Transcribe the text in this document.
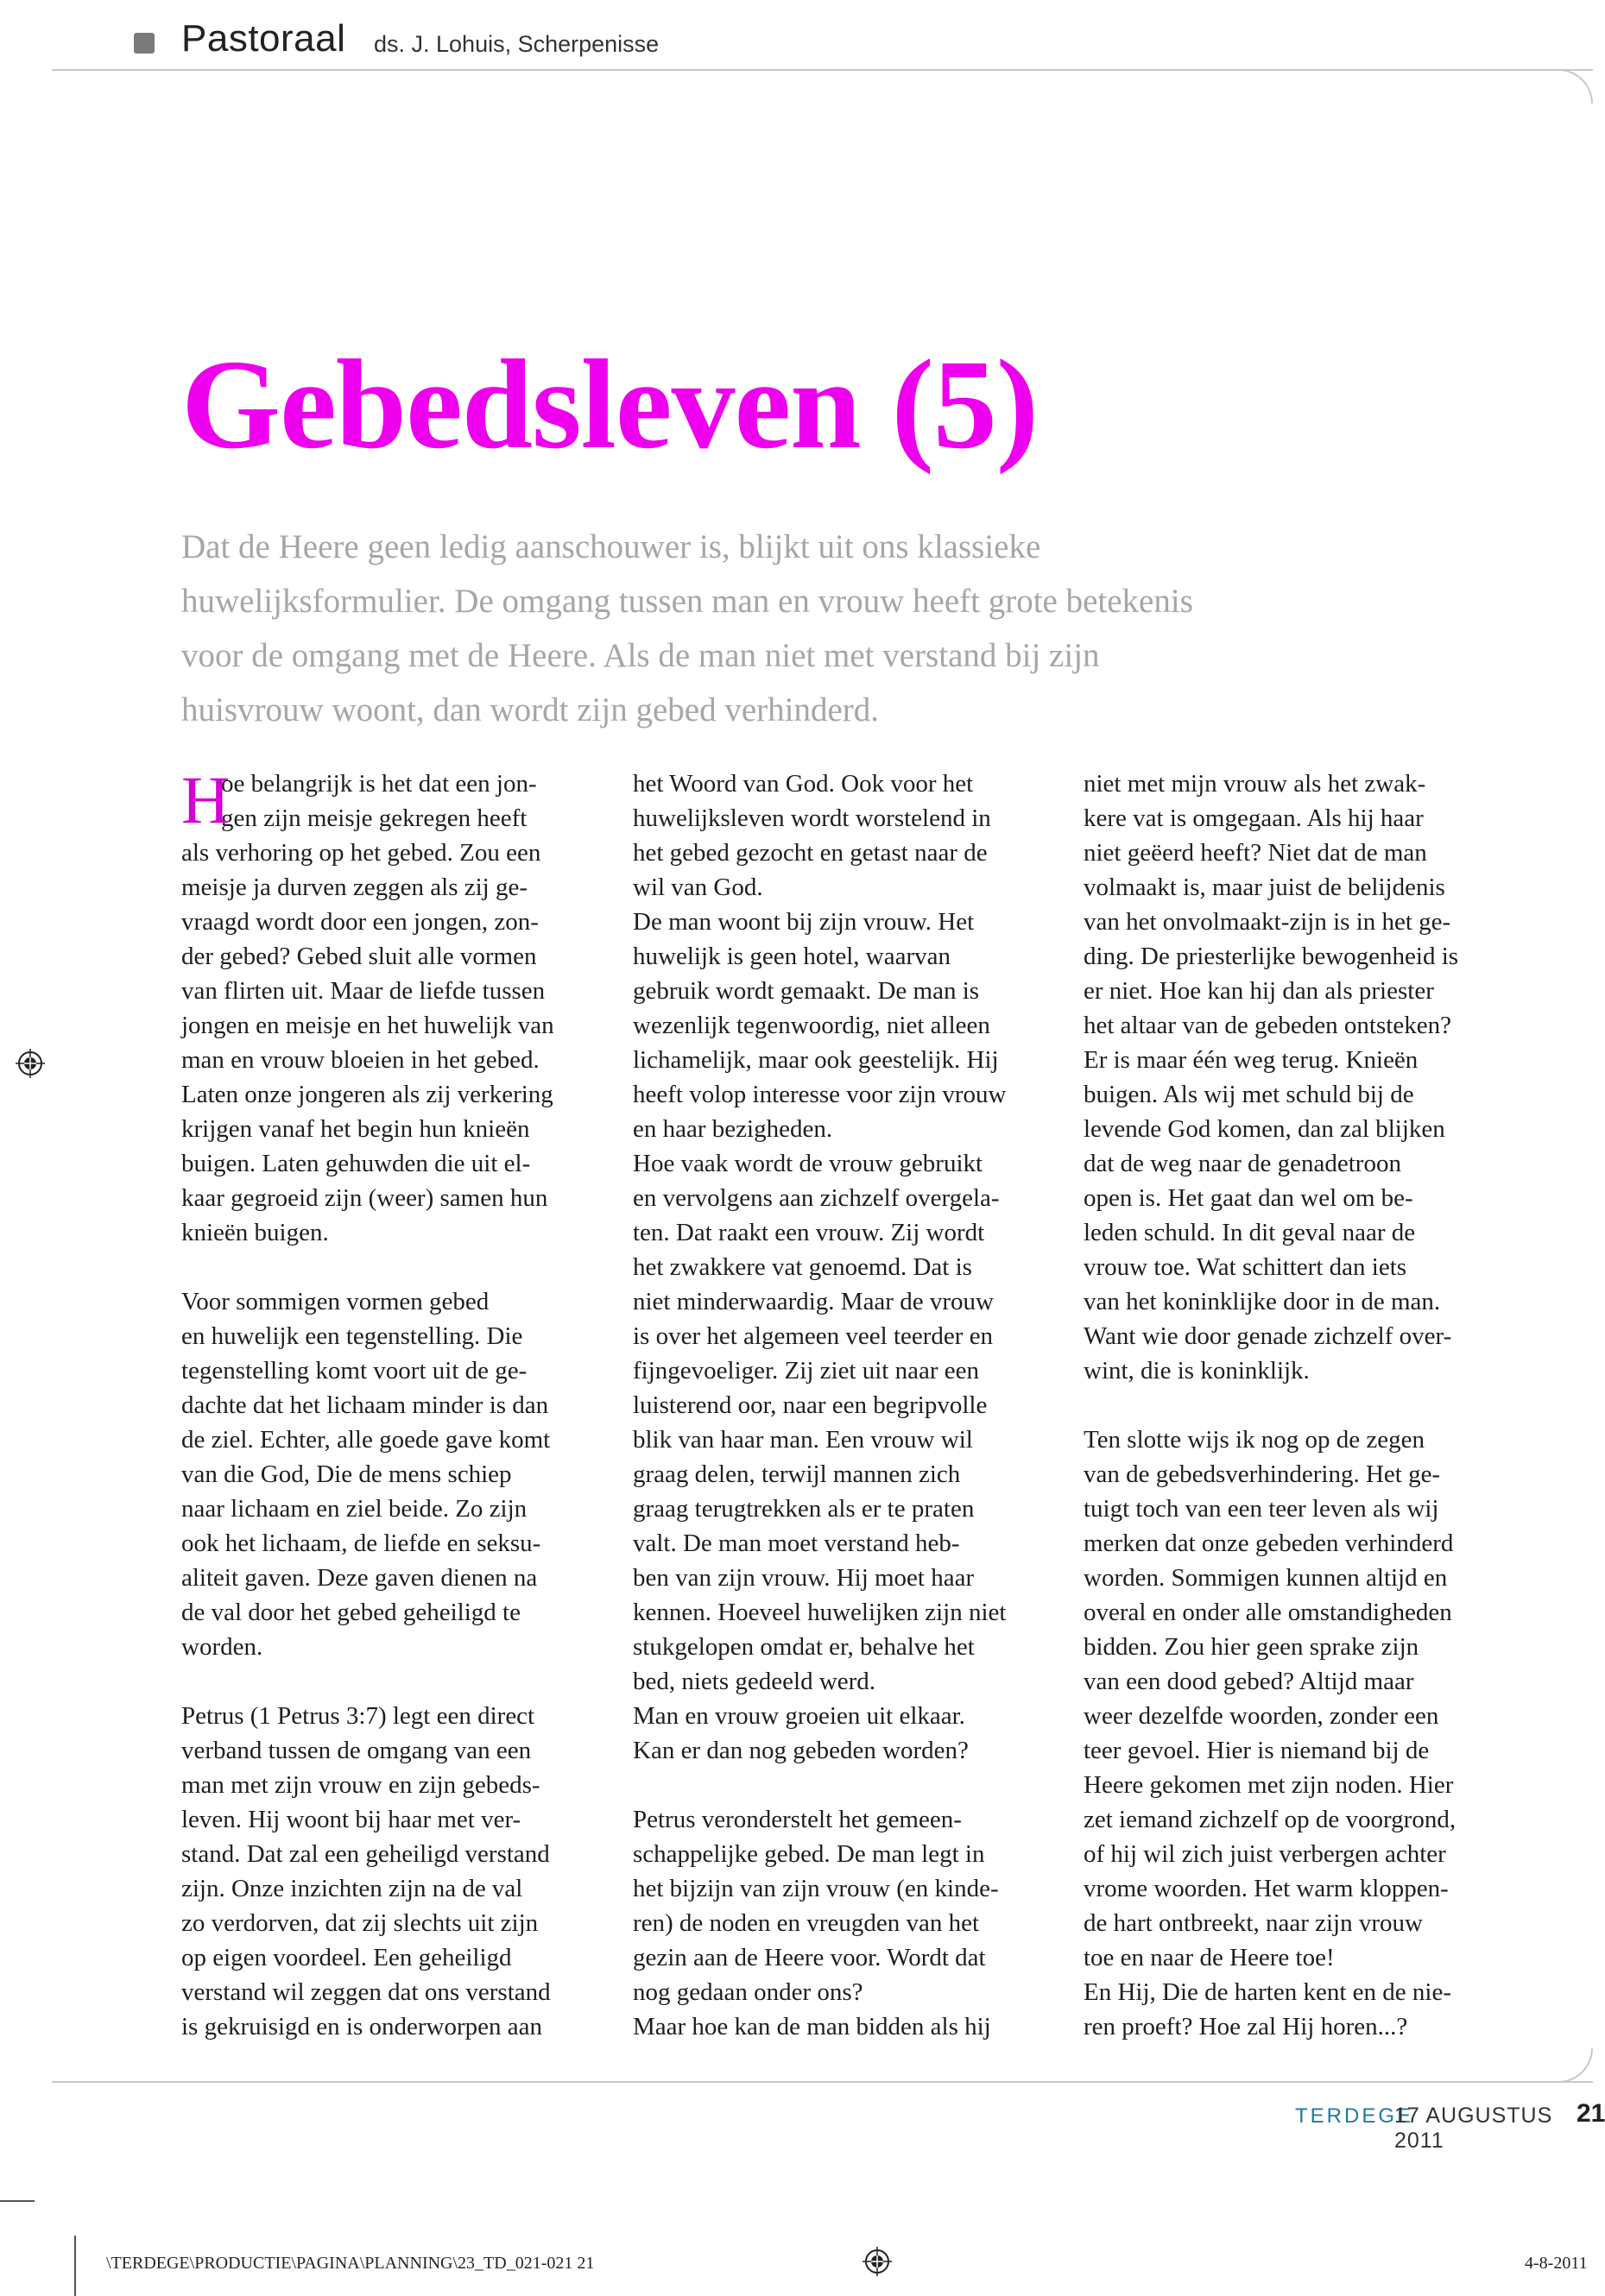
Pastoraal ds. J. Lohuis, Scherpenisse
Gebedsleven (5)

Dat de Heere geen ledig aanschouwer is, blijkt uit ons klassieke

huwelijksformulier. De omgang tussen man en vrouw heeft grote betekenis

voor de omgang met de Heere. Als de man niet met verstand bij zijn

huisvrouw woont, dan wordt zijn gebed verhinderd.

H

oe belangrijk is het dat een jon-

gen zijn meisje gekregen heeft

als verhoring op het gebed. Zou een

meisje ja durven zeggen als zij ge-

vraagd wordt door een jongen, zon-

der gebed? Gebed sluit alle vormen

van flirten uit. Maar de liefde tussen

jongen en meisje en het huwelijk van

man en vrouw bloeien in het gebed.

Laten onze jongeren als zij verkering

krijgen vanaf het begin hun knieën

buigen. Laten gehuwden die uit el-

kaar gegroeid zijn (weer) samen hun

knieën buigen.

Voor sommigen vormen gebed

en huwelijk een tegenstelling. Die

tegenstelling komt voort uit de ge-

dachte dat het lichaam minder is dan

de ziel. Echter, alle goede gave komt

van die God, Die de mens schiep

naar lichaam en ziel beide. Zo zijn

ook het lichaam, de liefde en seksu-

aliteit gaven. Deze gaven dienen na

de val door het gebed geheiligd te

worden.

Petrus (1 Petrus 3:7) legt een direct

verband tussen de omgang van een

man met zijn vrouw en zijn gebeds-

leven. Hij woont bij haar met ver-

stand. Dat zal een geheiligd verstand

zijn. Onze inzichten zijn na de val

zo verdorven, dat zij slechts uit zijn

op eigen voordeel. Een geheiligd

verstand wil zeggen dat ons verstand

is gekruisigd en is onderworpen aan

het Woord van God. Ook voor het

huwelijksleven wordt worstelend in

het gebed gezocht en getast naar de

wil van God.

De man woont bij zijn vrouw. Het

huwelijk is geen hotel, waarvan

gebruik wordt gemaakt. De man is

wezenlijk tegenwoordig, niet alleen

lichamelijk, maar ook geestelijk. Hij

heeft volop interesse voor zijn vrouw

en haar bezigheden.

Hoe vaak wordt de vrouw gebruikt

en vervolgens aan zichzelf overgela-

ten. Dat raakt een vrouw. Zij wordt

het zwakkere vat genoemd. Dat is

niet minderwaardig. Maar de vrouw

is over het algemeen veel teerder en

fijngevoeliger. Zij ziet uit naar een

luisterend oor, naar een begripvolle

blik van haar man. Een vrouw wil

graag delen, terwijl mannen zich

graag terugtrekken als er te praten

valt. De man moet verstand heb-

ben van zijn vrouw. Hij moet haar

kennen. Hoeveel huwelijken zijn niet

stukgelopen omdat er, behalve het

bed, niets gedeeld werd.

Man en vrouw groeien uit elkaar.

Kan er dan nog gebeden worden?

Petrus veronderstelt het gemeen-

schappelijke gebed. De man legt in

het bijzijn van zijn vrouw (en kinde-

ren) de noden en vreugden van het

gezin aan de Heere voor. Wordt dat

nog gedaan onder ons?

Maar hoe kan de man bidden als hij

niet met mijn vrouw als het zwak-

kere vat is omgegaan. Als hij haar

niet geëerd heeft? Niet dat de man

volmaakt is, maar juist de belijdenis

van het onvolmaakt-zijn is in het ge-

ding. De priesterlijke bewogenheid is

er niet. Hoe kan hij dan als priester

het altaar van de gebeden ontsteken?

Er is maar één weg terug. Knieën

buigen. Als wij met schuld bij de

levende God komen, dan zal blijken

dat de weg naar de genadetroon

open is. Het gaat dan wel om be-

leden schuld. In dit geval naar de

vrouw toe. Wat schittert dan iets

van het koninklijke door in de man.

Want wie door genade zichzelf over-

wint, die is koninklijk.

Ten slotte wijs ik nog op de zegen

van de gebedsverhindering. Het ge-

tuigt toch van een teer leven als wij

merken dat onze gebeden verhinderd

worden. Sommigen kunnen altijd en

overal en onder alle omstandigheden

bidden. Zou hier geen sprake zijn

van een dood gebed? Altijd maar

weer dezelfde woorden, zonder een

teer gevoel. Hier is niemand bij de

Heere gekomen met zijn noden. Hier

zet iemand zichzelf op de voorgrond,

of hij wil zich juist verbergen achter

vrome woorden. Het warm kloppen-

de hart ontbreekt, naar zijn vrouw

toe en naar de Heere toe!

En Hij, Die de harten kent en de nie-

ren proeft? Hoe zal Hij horen...?

TERDEGE
17 AUGUSTUS 2011
21
\TERDEGE\PRODUCTIE\PAGINA\PLANNING\23_TD_021-021 21	4-8-2011
